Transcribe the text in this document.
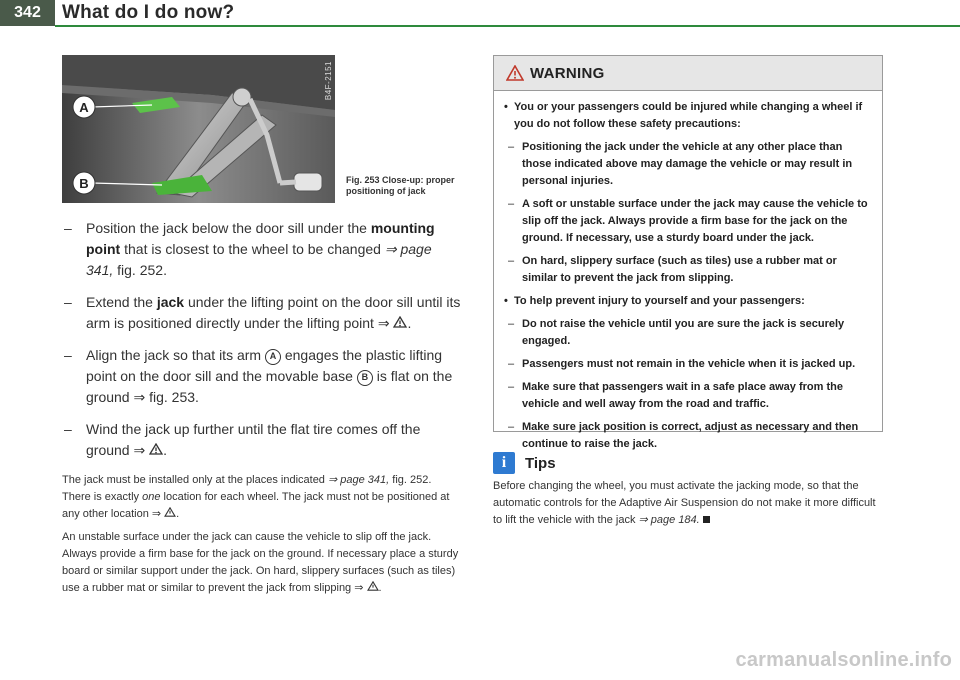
342	What do I do now?
A
B
B4F-2151
Fig. 253 Close-up: proper positioning of jack
– Position the jack below the door sill under the mounting point that is closest to the wheel to be changed ⇒ page 341, fig. 252.
– Extend the jack under the lifting point on the door sill until its arm is positioned directly under the lifting point ⇒ .
– Align the jack so that its arm A engages the plastic lifting point on the door sill and the movable base B is flat on the ground ⇒ fig. 253.
– Wind the jack up further until the flat tire comes off the ground ⇒ .

The jack must be installed only at the places indicated ⇒ page 341, fig. 252. There is exactly one location for each wheel. The jack must not be positioned at any other location ⇒ .

An unstable surface under the jack can cause the vehicle to slip off the jack. Always provide a firm base for the jack on the ground. If necessary place a sturdy board or similar support under the jack. On hard, slippery surfaces (such as tiles) use a rubber mat or similar to prevent the jack from slipping ⇒ .

WARNING
• You or your passengers could be injured while changing a wheel if you do not follow these safety precautions:
– Positioning the jack under the vehicle at any other place than those indicated above may damage the vehicle or may result in personal injuries.
– A soft or unstable surface under the jack may cause the vehicle to slip off the jack. Always provide a firm base for the jack on the ground. If necessary, use a sturdy board under the jack.
– On hard, slippery surface (such as tiles) use a rubber mat or similar to prevent the jack from slipping.
• To help prevent injury to yourself and your passengers:
– Do not raise the vehicle until you are sure the jack is securely engaged.
– Passengers must not remain in the vehicle when it is jacked up.
– Make sure that passengers wait in a safe place away from the vehicle and well away from the road and traffic.
– Make sure jack position is correct, adjust as necessary and then continue to raise the jack.
i	Tips
Before changing the wheel, you must activate the jacking mode, so that the automatic controls for the Adaptive Air Suspension do not make it more difficult to lift the vehicle with the jack ⇒ page 184.
carmanualsonline.info
